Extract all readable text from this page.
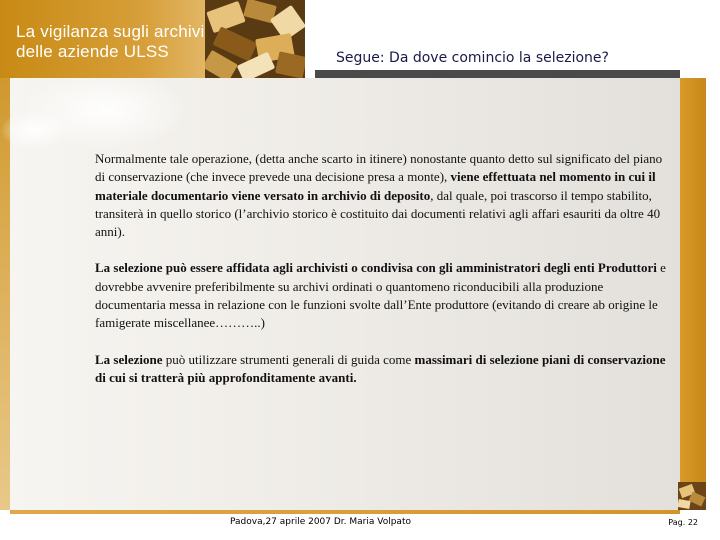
La vigilanza sugli archivi
delle aziende ULSS	Segue: Da dove comincio la selezione?

Normalmente tale operazione, (detta anche scarto in itinere) nonostante quanto detto sul significato del piano di conservazione (che invece prevede una decisione presa a monte), viene effettuata nel momento in cui il materiale documentario viene versato in archivio di deposito, dal quale, poi trascorso il tempo stabilito, transiterà in quello storico (l’archivio storico è costituito dai documenti relativi agli affari esauriti da oltre 40 anni).

La selezione può essere affidata agli archivisti o condivisa con gli amministratori degli enti Produttori e dovrebbe avvenire preferibilmente su archivi ordinati o quantomeno riconducibili alla produzione documentaria messa in relazione con le funzioni svolte dall’Ente produttore (evitando di creare ab origine le famigerate miscellanee………..)

La selezione può utilizzare strumenti generali di guida come massimari di selezione piani di conservazione di cui si tratterà più approfonditamente avanti.

Padova,27 aprile 2007 Dr. Maria Volpato	Pag. 22
